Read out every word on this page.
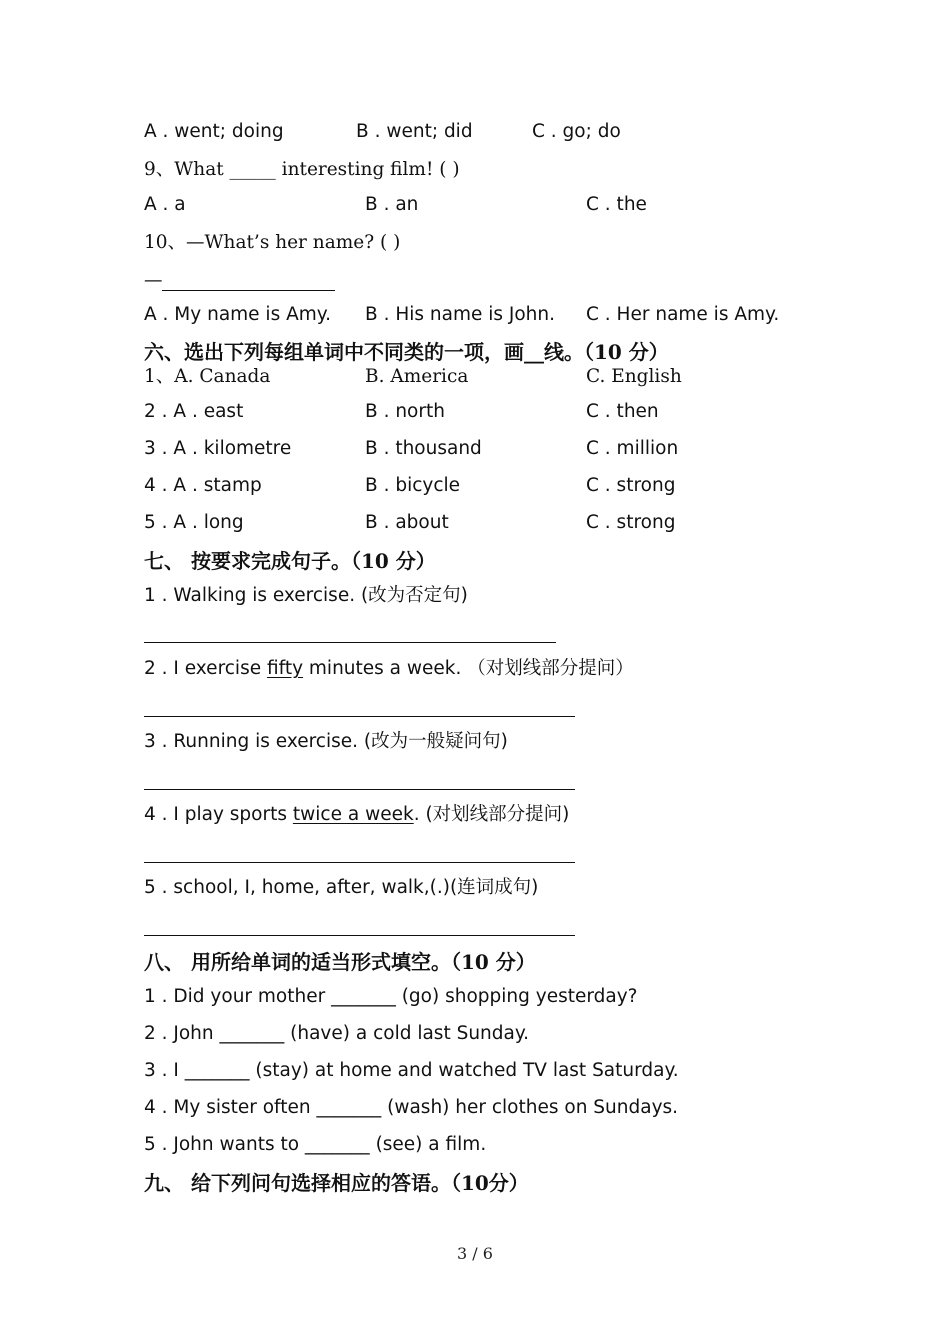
A . went; doing	B . went; did	C . go; do
9、What _____ interesting film! ( )
A . a	B . an	C . the
10、—What’s her name? ( )
—
A . My name is Amy. B . His name is John. C . Her name is Amy.
六、选出下列每组单词中不同类的一项，画__线。（10 分）
1、A. Canada	B. America	C. English
2 . A . east	B . north	C . then
3 . A . kilometre	B . thousand	C . million
4 . A . stamp	B . bicycle	C . strong
5 . A . long	B . about	C . strong
七、 按要求完成句子。（10 分）
1 . Walking is exercise. (改为否定句)
2 . I exercise fifty minutes a week. （对划线部分提问）
3 . Running is exercise. (改为一般疑问句)
4 . I play sports twice a week. (对划线部分提问)
5 . school, I, home, after, walk,(.)(连词成句)
八、 用所给单词的适当形式填空。（10 分）
1 . Did your mother _______ (go) shopping yesterday?
2 . John _______ (have) a cold last Sunday.
3 . I _______ (stay) at home and watched TV last Saturday.
4 . My sister often _______ (wash) her clothes on Sundays.
5 . John wants to _______ (see) a film.
九、 给下列问句选择相应的答语。（10分）
3 / 6
